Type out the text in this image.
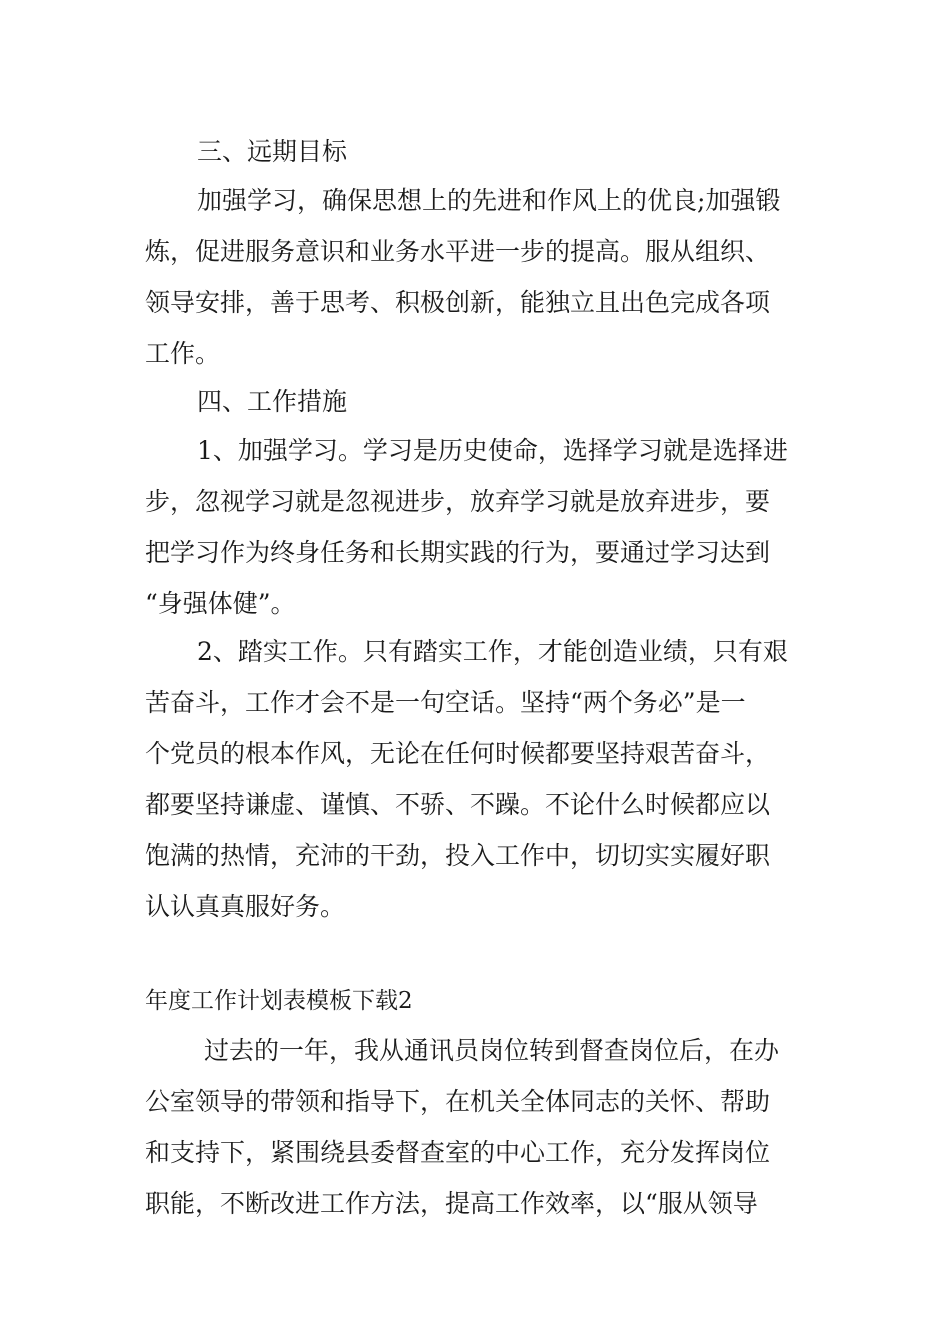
三、远期目标
加强学习，确保思想上的先进和作风上的优良;加强锻
炼，促进服务意识和业务水平进一步的提高。服从组织、
领导安排，善于思考、积极创新，能独立且出色完成各项
工作。
四、工作措施
1、加强学习。学习是历史使命，选择学习就是选择进
步，忽视学习就是忽视进步，放弃学习就是放弃进步，要
把学习作为终身任务和长期实践的行为，要通过学习达到
“身强体健”。
2、踏实工作。只有踏实工作，才能创造业绩，只有艰
苦奋斗，工作才会不是一句空话。坚持“两个务必”是一
个党员的根本作风，无论在任何时候都要坚持艰苦奋斗，
都要坚持谦虚、谨慎、不骄、不躁。不论什么时候都应以
饱满的热情，充沛的干劲，投入工作中，切切实实履好职
认认真真服好务。
年度工作计划表模板下载2
过去的一年，我从通讯员岗位转到督查岗位后，在办
公室领导的带领和指导下，在机关全体同志的关怀、帮助
和支持下，紧围绕县委督查室的中心工作，充分发挥岗位
职能，不断改进工作方法，提高工作效率，以“服从领导
